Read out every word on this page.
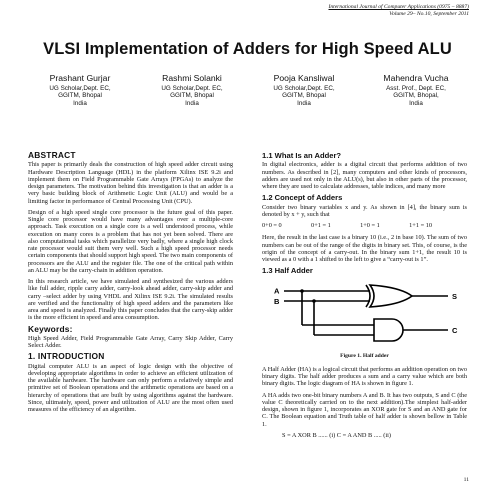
International Journal of Computer Applications (0975 – 8887)
Volume 29– No.10, September 2011
VLSI Implementation of Adders for High Speed ALU
Prashant Gurjar
UG Scholar,Dept. EC,
GGITM, Bhopal
India
Rashmi Solanki
UG Scholar,Dept. EC,
GGITM, Bhopal
India
Pooja Kansliwal
UG Scholar,Dept. EC,
GGITM, Bhopal
India
Mahendra Vucha
Asst. Prof., Dept. EC,
GGITM, Bhopal,
India
ABSTRACT

This paper is primarily deals the construction of high speed adder circuit using Hardware Description Language (HDL) in the platform Xilinx ISE 9.2i and implement them on Field Programmable Gate Arrays (FPGAs) to analyze the design parameters. The motivation behind this investigation is that an adder is a very basic building block of Arithmetic Logic Unit (ALU) and would be a limiting factor in performance of Central Processing Unit (CPU).

Design of a high speed single core processor is the future goal of this paper. Single core processor would have many advantages over a multiple-core approach. Task execution on a single core is a well understood process, while execution on many cores is a problem that has not yet been solved. There are also computational tasks which parallelize very badly, where a single high clock rate processor would suit them very well. Such a high speed processor needs certain components that should support high speed. The two main components of processors are the ALU and the register file. The one of the critical path within an ALU may be the carry-chain in addition operation.

In this research article, we have simulated and synthesized the various adders like full adder, ripple carry adder, carry-look ahead adder, carry-skip adder and carry –select adder by using VHDL and Xilinx ISE 9.2i. The simulated results are verified and the functionality of high speed adders and the parameters like area and speed is analyzed. Finally this paper concludes that the carry-skip adder is the more efficient in speed and area consumption.

Keywords:

High Speed Adder, Field Programmable Gate Array, Carry Skip Adder, Carry Select Adder.

1. INTRODUCTION

Digital computer ALU is an aspect of logic design with the objective of developing appropriate algorithms in order to achieve an efficient utilization of the available hardware. The hardware can only perform a relatively simple and primitive set of Boolean operations and the arithmetic operations are based on a hierarchy of operations that are built by using algorithms against the hardware. Since, ultimately, speed, power and utilization of ALU are the most often used measures of the efficiency of an algorithm.

1.1 What Is an Adder?

In digital electronics, adder is a digital circuit that performs addition of two numbers. As described in [2], many computers and other kinds of processors, adders are used not only in the ALU(s), but also in other parts of the processor, where they are used to calculate addresses, table indices, and many more

1.2 Concept of Adders

Consider two binary variables x and y. As shown in [4], the binary sum is denoted by x + y, such that

0+0 = 0	0+1 = 1	1+0 = 1	1+1 = 10

Here, the result in the last case is a binary 10 (i.e., 2 in base 10). The sum of two numbers can be out of the range of the digits in binary set. This, of course, is the origin of the concept of a carry-out. In the binary sum 1+1, the result 10 is viewed as a 0 with a 1 shifted to the left to give a “carry-out is 1”.

1.3 Half Adder
A
B
S
C
Figure 1. Half adder

A Half Adder (HA) is a logical circuit that performs an addition operation on two binary digits. The half adder produces a sum and a carry value which are both binary digits. The logic diagram of HA is shown in figure 1.

A HA adds two one-bit binary numbers A and B. It has two outputs, S and C (the value C theoretically carried on to the next addition).The simplest half-adder design, shown in figure 1, incorporates an XOR gate for S and an AND gate for C. The Boolean equation and Truth table of half adder is shown bellow in Table 1.

S = A XOR B ...... (i) C = A AND B ..... (ii)
11
